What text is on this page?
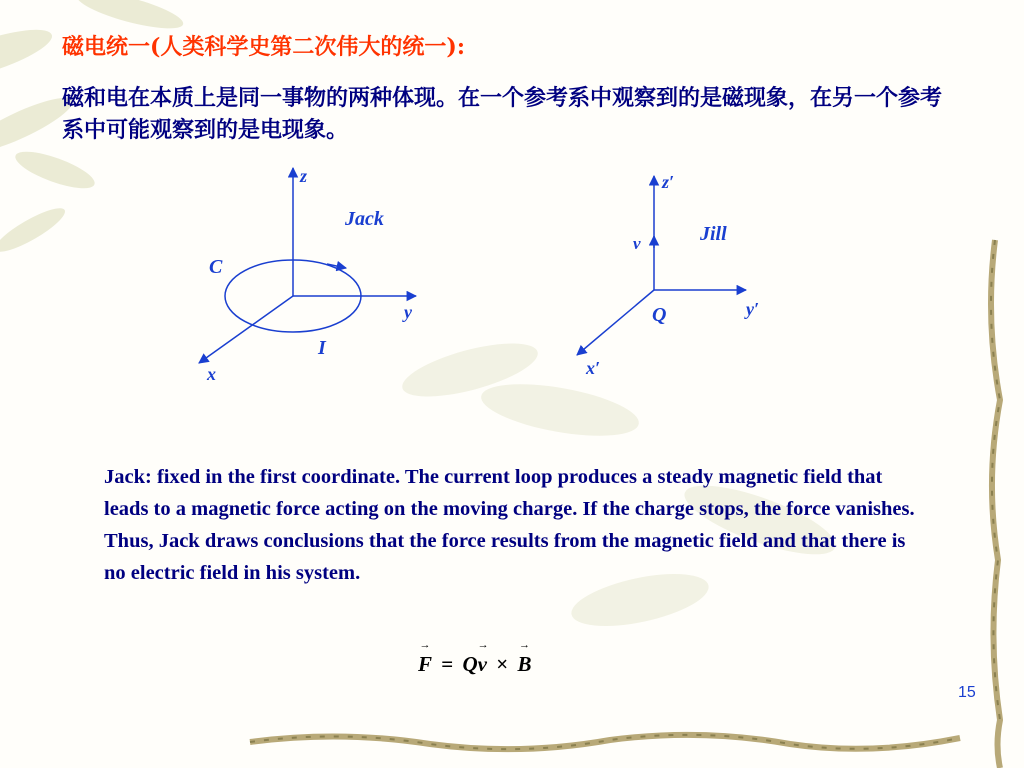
磁电统一(人类科学史第二次伟大的统一):
磁和电在本质上是同一事物的两种体现。在一个参考系中观察到的是磁现象，在另一个参考系中可能观察到的是电现象。
z
y
x
Jack
C
I
z′
y′
x′
v	Jill
Q
Jack: fixed in the first coordinate. The current loop produces a steady magnetic field that leads to a magnetic force acting on the moving charge. If the charge stops, the force vanishes. Thus, Jack draws conclusions that the force results from the magnetic field and that there is no electric field in his system.
→ F = Q→ v × → B
15
